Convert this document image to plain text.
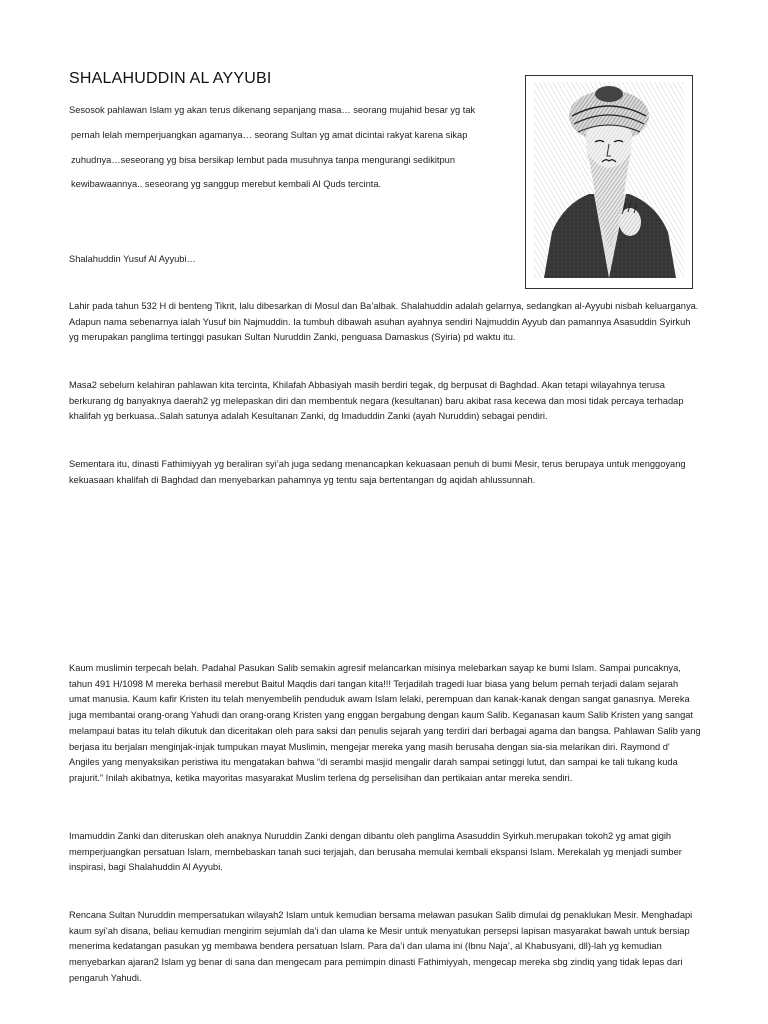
SHALAHUDDIN AL AYYUBI
Sesosok pahlawan Islam yg akan terus dikenang sepanjang masa… seorang mujahid besar yg tak
pernah lelah memperjuangkan agamanya… seorang Sultan yg amat dicintai rakyat karena sikap
zuhudnya…seseorang yg bisa bersikap lembut pada musuhnya tanpa mengurangi sedikitpun
kewibawaannya.. seseorang yg sanggup merebut kembali Al Quds tercinta.
Shalahuddin Yusuf Al Ayyubi…

Lahir pada tahun 532 H di benteng Tikrit, lalu dibesarkan di Mosul dan Ba’albak. Shalahuddin adalah gelarnya, sedangkan al-Ayyubi nisbah keluarganya. Adapun nama sebenarnya ialah Yusuf bin Najmuddin. Ia tumbuh dibawah asuhan ayahnya sendiri Najmuddin Ayyub dan pamannya Asasuddin Syirkuh yg merupakan panglima tertinggi pasukan Sultan Nuruddin Zanki, penguasa Damaskus (Syiria) pd waktu itu.

Masa2 sebelum kelahiran pahlawan kita tercinta, Khilafah Abbasiyah masih berdiri tegak, dg berpusat di Baghdad. Akan tetapi wilayahnya terusa berkurang dg banyaknya daerah2 yg melepaskan diri dan membentuk negara (kesultanan) baru akibat rasa kecewa dan mosi tidak percaya terhadap khalifah yg berkuasa..Salah satunya adalah Kesultanan Zanki, dg Imaduddin Zanki (ayah Nuruddin) sebagai pendiri.

Sementara itu, dinasti Fathimiyyah yg beraliran syi’ah juga sedang menancapkan kekuasaan penuh di bumi Mesir, terus berupaya untuk menggoyang kekuasaan khalifah di Baghdad dan menyebarkan pahamnya yg tentu saja bertentangan dg aqidah ahlussunnah.

Kaum muslimin terpecah belah. Padahal Pasukan Salib semakin agresif melancarkan misinya melebarkan sayap ke bumi Islam. Sampai puncaknya, tahun 491 H/1098 M mereka berhasil merebut Baitul Maqdis dari tangan kita!!! Terjadilah tragedi luar biasa yang belum pernah terjadi dalam sejarah umat manusia. Kaum kafir Kristen itu telah menyembelih penduduk awam Islam lelaki, perempuan dan kanak-kanak dengan sangat ganasnya. Mereka juga membantai orang-orang Yahudi dan orang-orang Kristen yang enggan bergabung dengan kaum Salib. Keganasan kaum Salib Kristen yang sangat melampaui batas itu telah dikutuk dan diceritakan oleh para saksi dan penulis sejarah yang terdiri dari berbagai agama dan bangsa. Pahlawan Salib yang berjasa itu berjalan menginjak-injak tumpukan mayat Muslimin, mengejar mereka yang masih berusaha dengan sia-sia melarikan diri. Raymond d' Angiles yang menyaksikan peristiwa itu mengatakan bahwa “di serambi masjid mengalir darah sampai setinggi lutut, dan sampai ke tali tukang kuda prajurit.” Inilah akibatnya, ketika mayoritas masyarakat Muslim terlena dg perselisihan dan pertikaian antar mereka sendiri.

Imamuddin Zanki dan diteruskan oleh anaknya Nuruddin Zanki dengan dibantu oleh panglima Asasuddin Syirkuh.merupakan tokoh2 yg amat gigih memperjuangkan persatuan Islam, membebaskan tanah suci terjajah, dan berusaha memulai kembali ekspansi Islam. Merekalah yg menjadi sumber inspirasi, bagi Shalahuddin Al Ayyubi.

Rencana Sultan Nuruddin mempersatukan wilayah2 Islam untuk kemudian bersama melawan pasukan Salib dimulai dg penaklukan Mesir. Menghadapi kaum syi’ah disana, beliau kemudian mengirim sejumlah da’i dan ulama ke Mesir untuk menyatukan persepsi lapisan masyarakat bawah untuk bersiap menerima kedatangan pasukan yg membawa bendera persatuan Islam. Para da’i dan ulama ini (Ibnu Naja’, al Khabusyani, dll)-lah yg kemudian menyebarkan ajaran2 Islam yg benar di sana dan mengecam para pemimpin dinasti Fathimiyyah, mengecap mereka sbg zindiq yang tidak lepas dari pengaruh Yahudi.
